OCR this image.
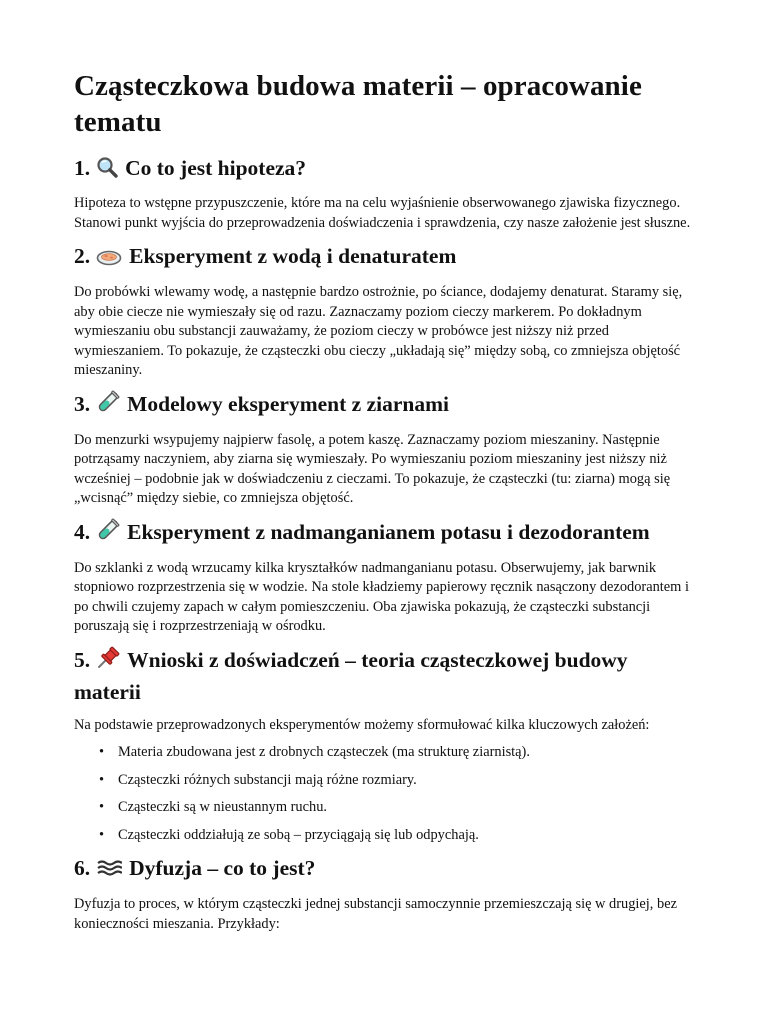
Cząsteczkowa budowa materii – opracowanie tematu
1. Co to jest hipoteza?

Hipoteza to wstępne przypuszczenie, które ma na celu wyjaśnienie obserwowanego zjawiska fizycznego. Stanowi punkt wyjścia do przeprowadzenia doświadczenia i sprawdzenia, czy nasze założenie jest słuszne.

2. Eksperyment z wodą i denaturatem

Do probówki wlewamy wodę, a następnie bardzo ostrożnie, po ściance, dodajemy denaturat. Staramy się, aby obie ciecze nie wymieszały się od razu. Zaznaczamy poziom cieczy markerem. Po dokładnym wymieszaniu obu substancji zauważamy, że poziom cieczy w probówce jest niższy niż przed wymieszaniem. To pokazuje, że cząsteczki obu cieczy „układają się” między sobą, co zmniejsza objętość mieszaniny.

3. Modelowy eksperyment z ziarnami

Do menzurki wsypujemy najpierw fasolę, a potem kaszę. Zaznaczamy poziom mieszaniny. Następnie potrząsamy naczyniem, aby ziarna się wymieszały. Po wymieszaniu poziom mieszaniny jest niższy niż wcześniej – podobnie jak w doświadczeniu z cieczami. To pokazuje, że cząsteczki (tu: ziarna) mogą się „wcisnąć” między siebie, co zmniejsza objętość.

4. Eksperyment z nadmanganianem potasu i dezodorantem

Do szklanki z wodą wrzucamy kilka kryształków nadmanganianu potasu. Obserwujemy, jak barwnik stopniowo rozprzestrzenia się w wodzie. Na stole kładziemy papierowy ręcznik nasączony dezodorantem i po chwili czujemy zapach w całym pomieszczeniu. Oba zjawiska pokazują, że cząsteczki substancji poruszają się i rozprzestrzeniają w ośrodku.

5. Wnioski z doświadczeń – teoria cząsteczkowej budowy materii

Na podstawie przeprowadzonych eksperymentów możemy sformułować kilka kluczowych założeń:

• Materia zbudowana jest z drobnych cząsteczek (ma strukturę ziarnistą).
• Cząsteczki różnych substancji mają różne rozmiary.
• Cząsteczki są w nieustannym ruchu.
• Cząsteczki oddziałują ze sobą – przyciągają się lub odpychają.
6. Dyfuzja – co to jest?

Dyfuzja to proces, w którym cząsteczki jednej substancji samoczynnie przemieszczają się w drugiej, bez konieczności mieszania. Przykłady:
